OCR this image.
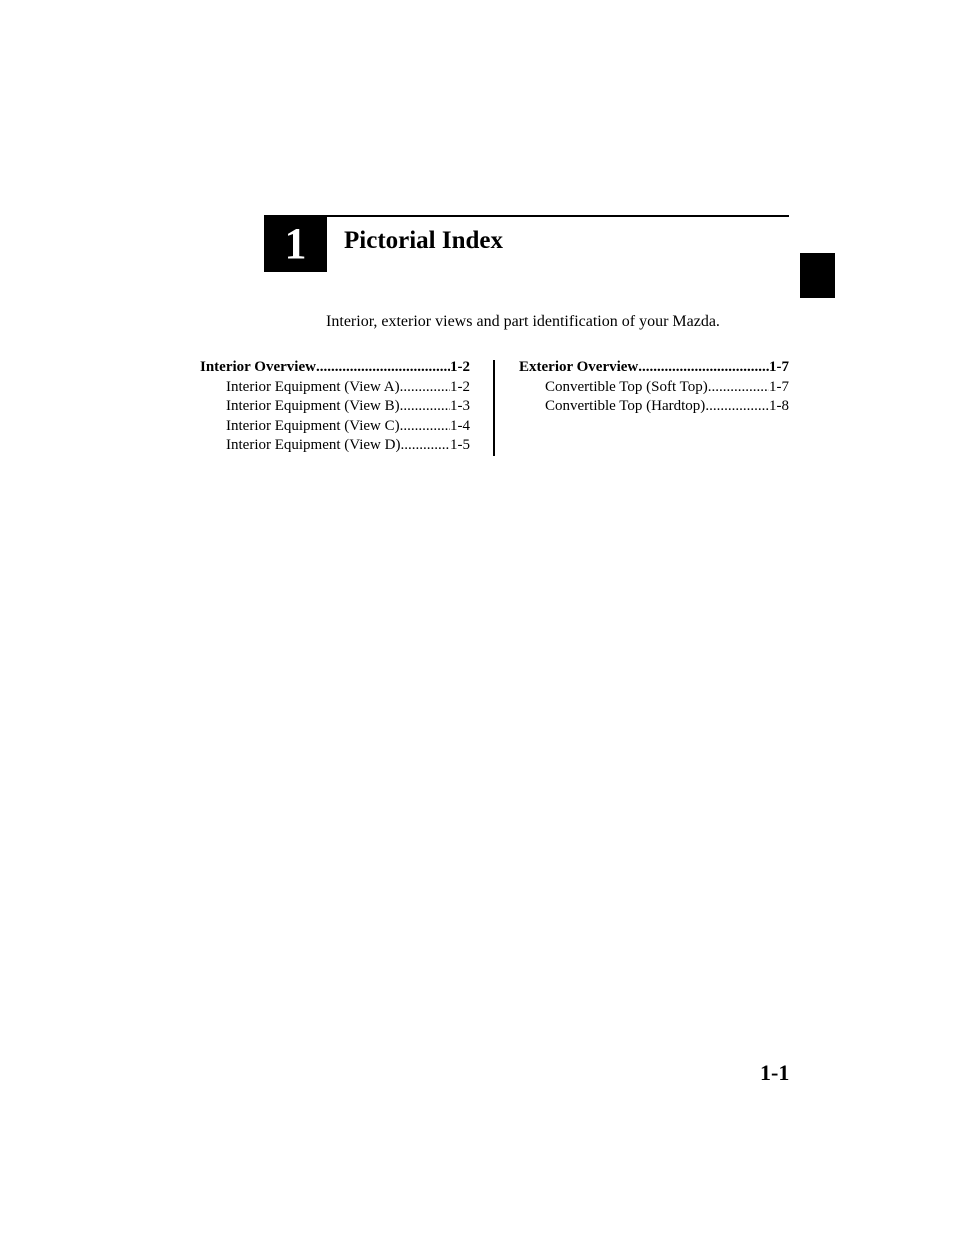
1	Pictorial Index
Interior, exterior views and part identification of your Mazda.
Interior Overview .....	1-2
Interior Equipment (View A) .....	1-2
Interior Equipment (View B) .....	1-3
Interior Equipment (View C) .....	1-4
Interior Equipment (View D) .....	1-5
Exterior Overview .....	1-7
Convertible Top (Soft Top) .....	1-7
Convertible Top (Hardtop) .....	1-8
1-1
